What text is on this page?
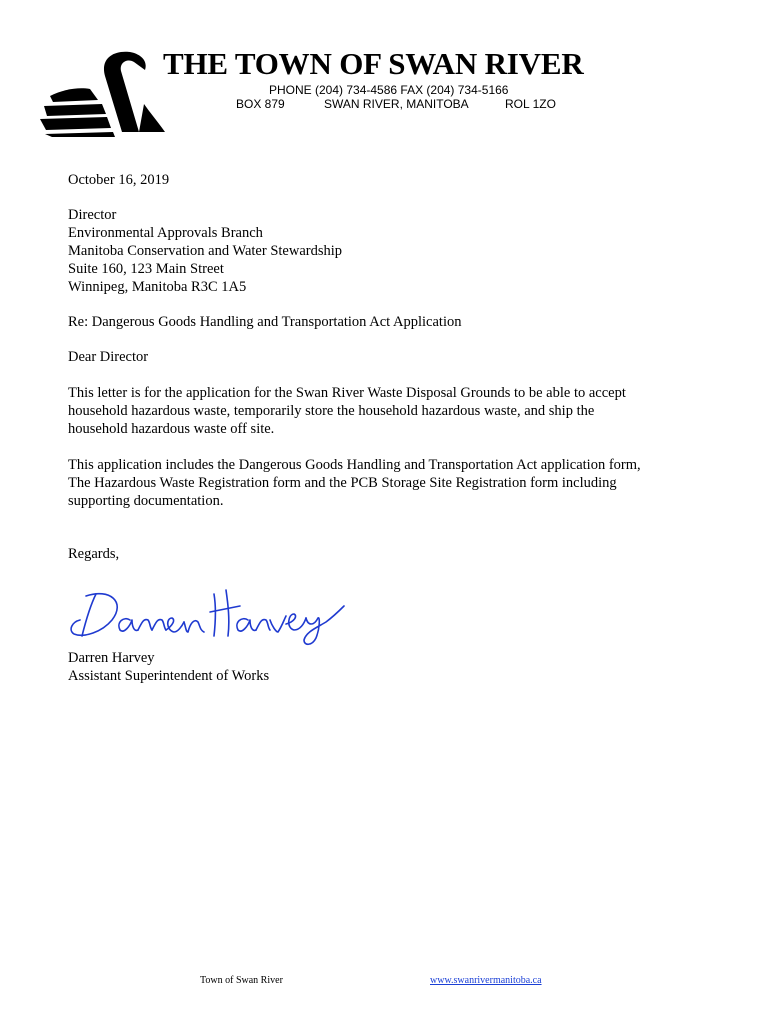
THE TOWN OF SWAN RIVER
PHONE (204) 734-4586 FAX (204) 734-5166
BOX 879	SWAN RIVER, MANITOBA	ROL 1ZO
October 16, 2019

Director

Environmental Approvals Branch

Manitoba Conservation and Water Stewardship

Suite 160, 123 Main Street

Winnipeg, Manitoba R3C 1A5

Re: Dangerous Goods Handling and Transportation Act Application
Dear Director

This letter is for the application for the Swan River Waste Disposal Grounds to be able to accept

household hazardous waste, temporarily store the household hazardous waste, and ship the

household hazardous waste off site.

This application includes the Dangerous Goods Handling and Transportation Act application form,

The Hazardous Waste Registration form and the PCB Storage Site Registration form including

supporting documentation.

Regards,

Darren Harvey

Assistant Superintendent of Works

Town of Swan River	www.swanrivermanitoba.ca
